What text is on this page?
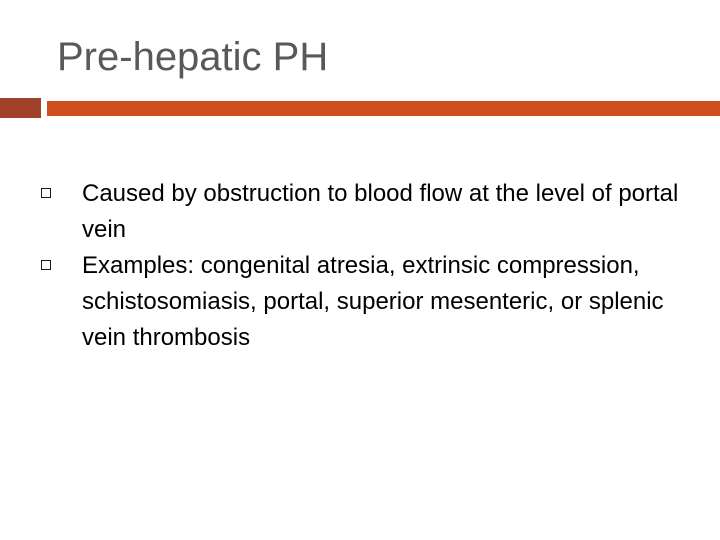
Pre-hepatic PH
Caused by obstruction to blood flow at the level of portal vein
Examples: congenital atresia, extrinsic compression, schistosomiasis, portal, superior mesenteric, or splenic vein thrombosis
